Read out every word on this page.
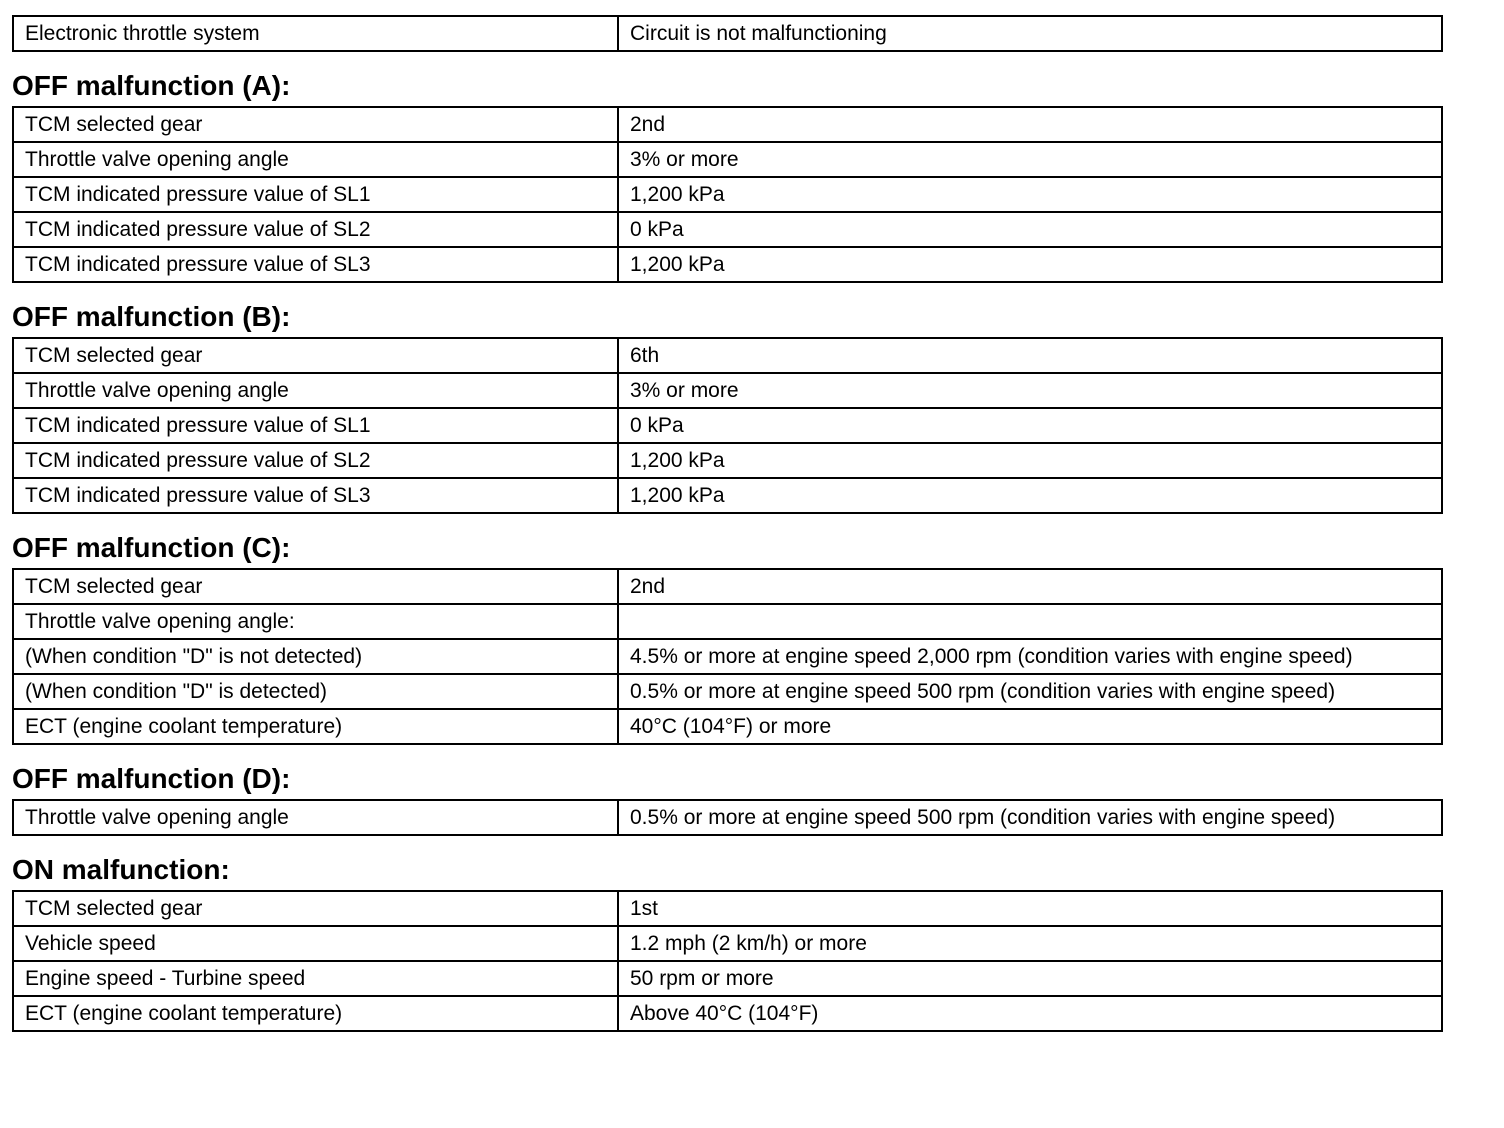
Electronic throttle system	Circuit is not malfunctioning
OFF malfunction (A):
TCM selected gear	2nd
Throttle valve opening angle	3% or more
TCM indicated pressure value of SL1	1,200 kPa
TCM indicated pressure value of SL2	0 kPa
TCM indicated pressure value of SL3	1,200 kPa
OFF malfunction (B):
TCM selected gear	6th
Throttle valve opening angle	3% or more
TCM indicated pressure value of SL1	0 kPa
TCM indicated pressure value of SL2	1,200 kPa
TCM indicated pressure value of SL3	1,200 kPa
OFF malfunction (C):
TCM selected gear	2nd
Throttle valve opening angle:	
(When condition "D" is not detected)	4.5% or more at engine speed 2,000 rpm (condition varies with engine speed)
(When condition "D" is detected)	0.5% or more at engine speed 500 rpm (condition varies with engine speed)
ECT (engine coolant temperature)	40°C (104°F) or more
OFF malfunction (D):
Throttle valve opening angle	0.5% or more at engine speed 500 rpm (condition varies with engine speed)
ON malfunction:
TCM selected gear	1st
Vehicle speed	1.2 mph (2 km/h) or more
Engine speed - Turbine speed	50 rpm or more
ECT (engine coolant temperature)	Above 40°C (104°F)
